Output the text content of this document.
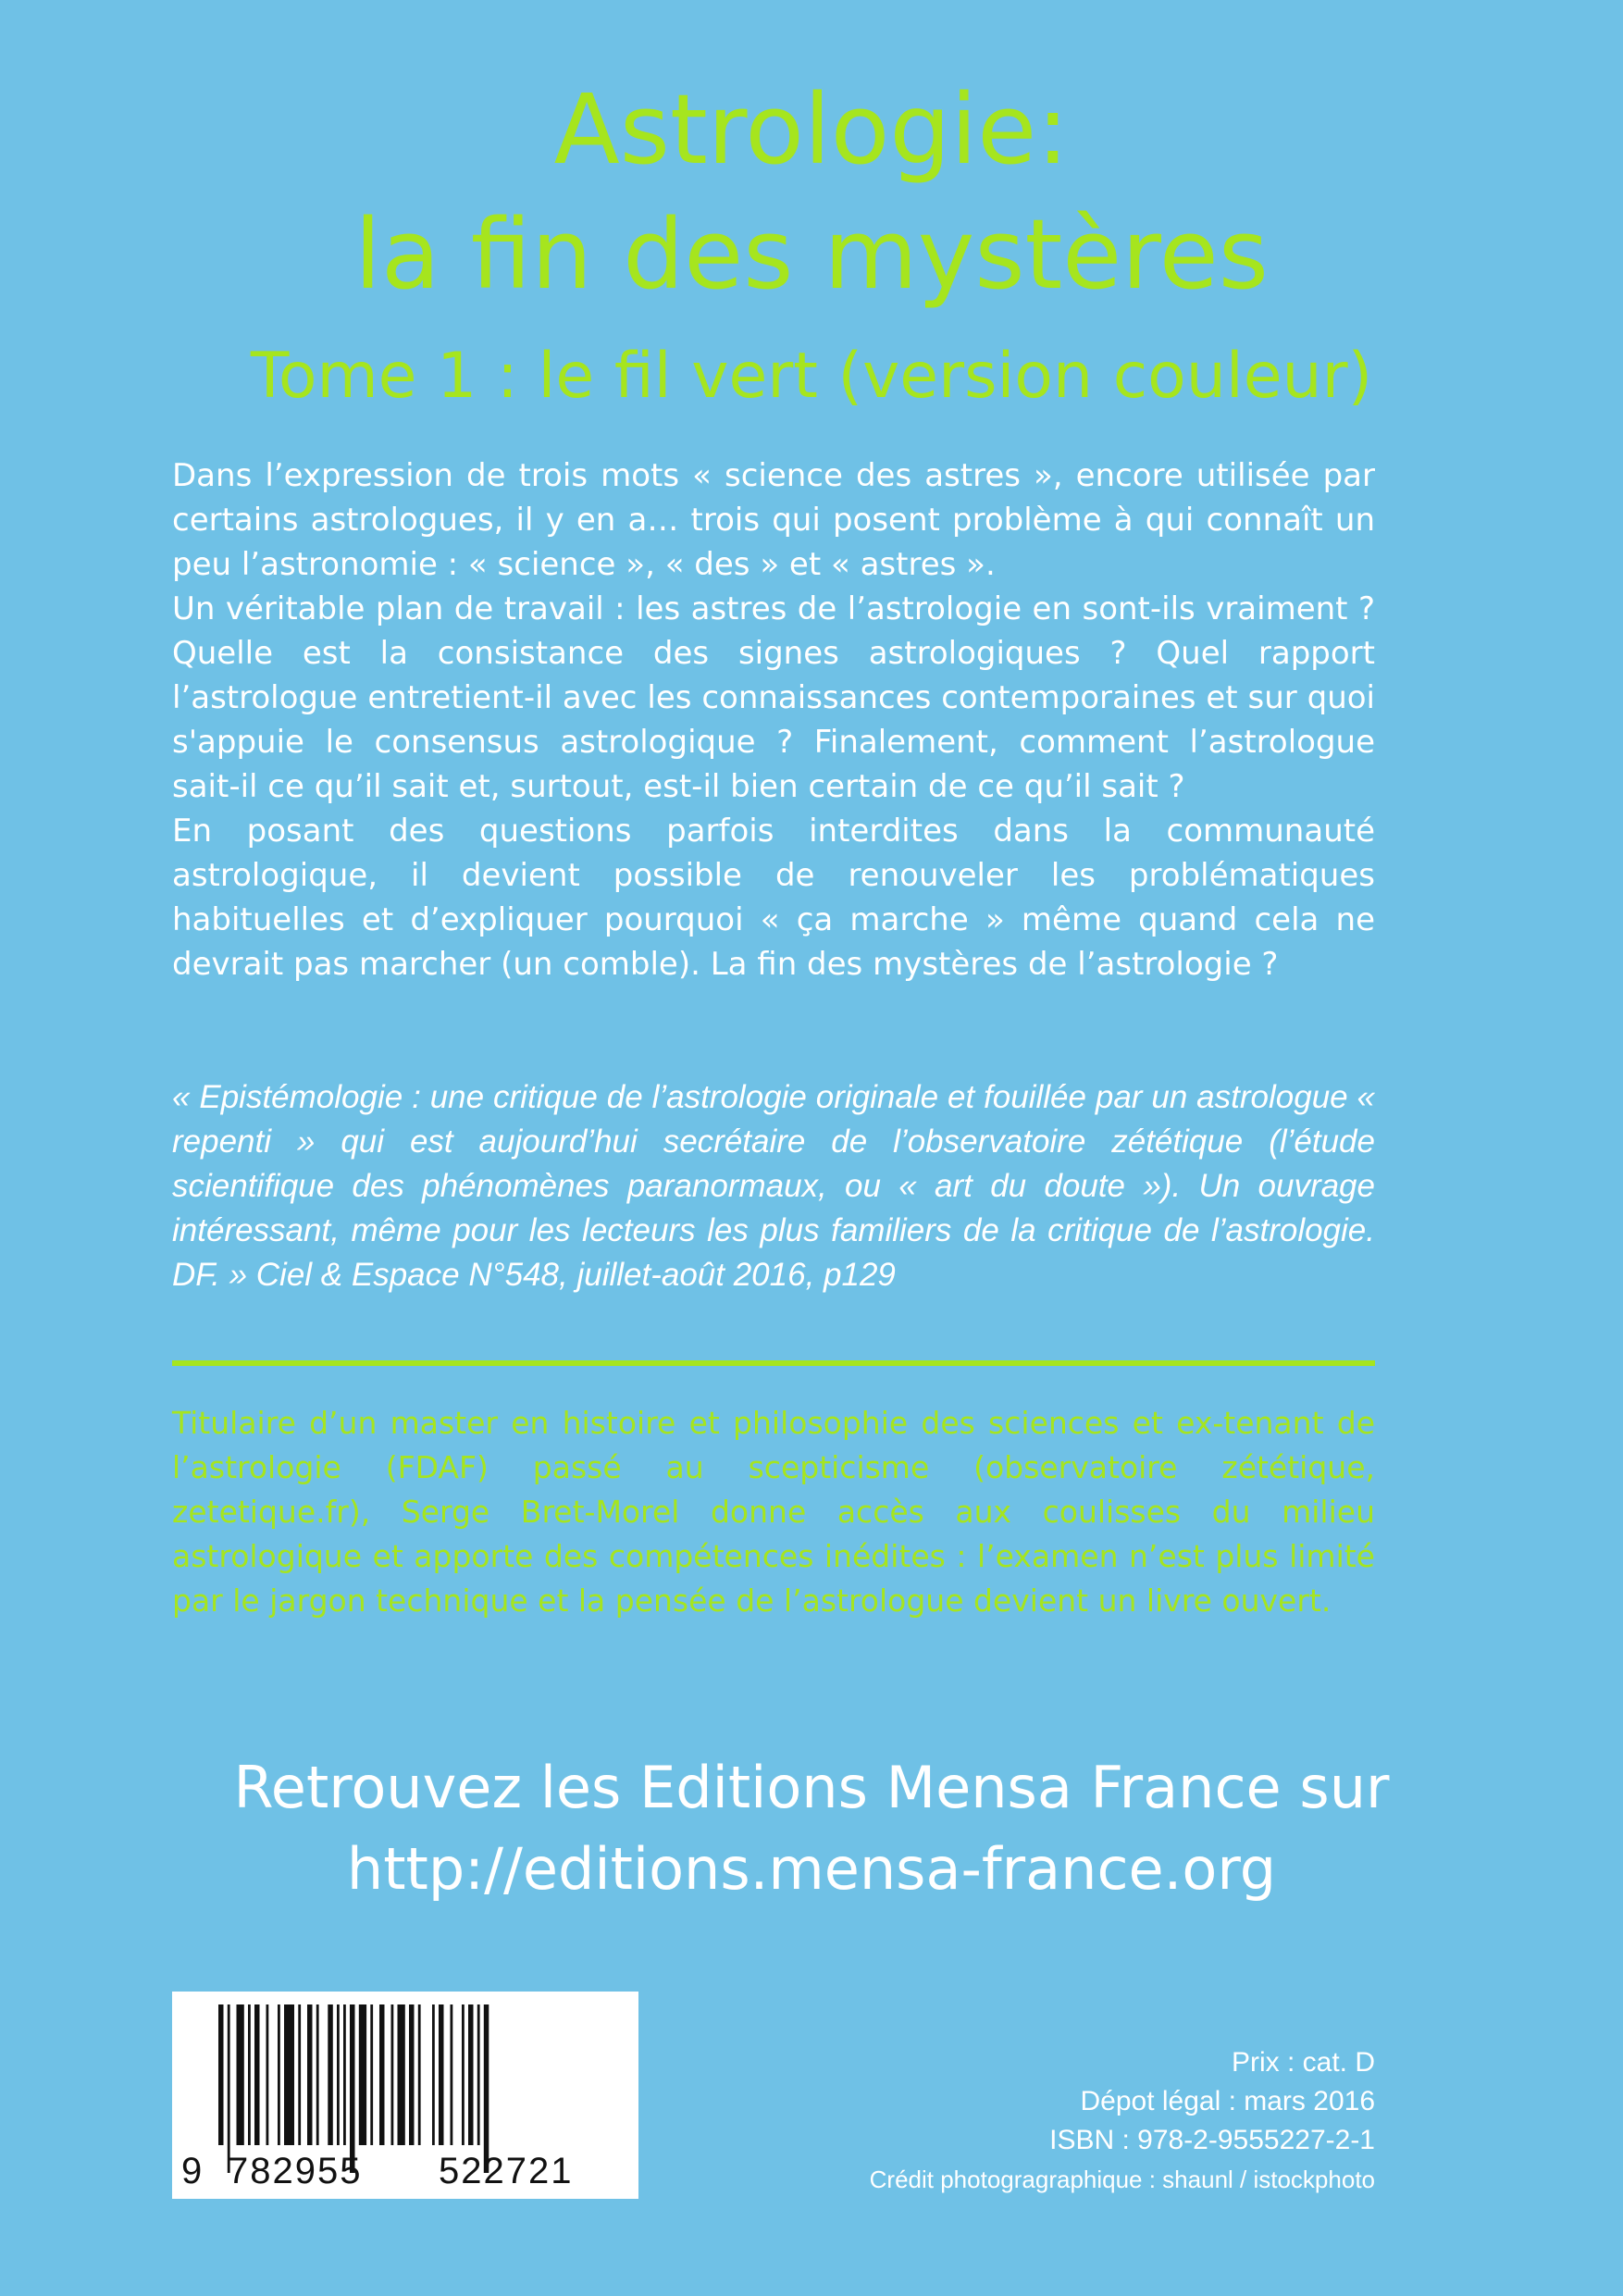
Astrologie:
la fin des mystères
Tome 1 : le fil vert (version couleur)

Dans l’expression de trois mots « science des astres », encore utilisée par certains astrologues, il y en a… trois qui posent problème à qui connaît un peu l’astronomie : « science », « des » et « astres ».

Un véritable plan de travail : les astres de l’astrologie en sont-ils vraiment ? Quelle est la consistance des signes astrologiques ? Quel rapport l’astrologue entretient-il avec les connaissances contemporaines et sur quoi s'appuie le consensus astrologique ? Finalement, comment l’astrologue sait-il ce qu’il sait et, surtout, est-il bien certain de ce qu’il sait ?

En posant des questions parfois interdites dans la communauté astrologique, il devient possible de renouveler les problématiques habituelles et d’expliquer pourquoi « ça marche » même quand cela ne devrait pas marcher (un comble). La fin des mystères de l’astrologie ?

« Epistémologie : une critique de l’astrologie originale et fouillée par un astrologue « repenti » qui est aujourd’hui secrétaire de l’observatoire zététique (l’étude scientifique des phénomènes paranormaux, ou « art du doute »). Un ouvrage intéressant, même pour les lecteurs les plus familiers de la critique de l’astrologie. DF. » Ciel & Espace N°548, juillet-août 2016, p129

Titulaire d’un master en histoire et philosophie des sciences et ex-tenant de l’astrologie (FDAF) passé au scepticisme (observatoire zététique, zetetique.fr), Serge Bret-Morel donne accès aux coulisses du milieu astrologique et apporte des compétences inédites : l’examen n’est plus limité par le jargon technique et la pensée de l’astrologue devient un livre ouvert.

Retrouvez les Editions Mensa France sur
http://editions.mensa-france.org
9 782955 522721
Prix : cat. D
Dépot légal : mars 2016
ISBN : 978-2-9555227-2-1
Crédit photogragraphique : shaunl / istockphoto
